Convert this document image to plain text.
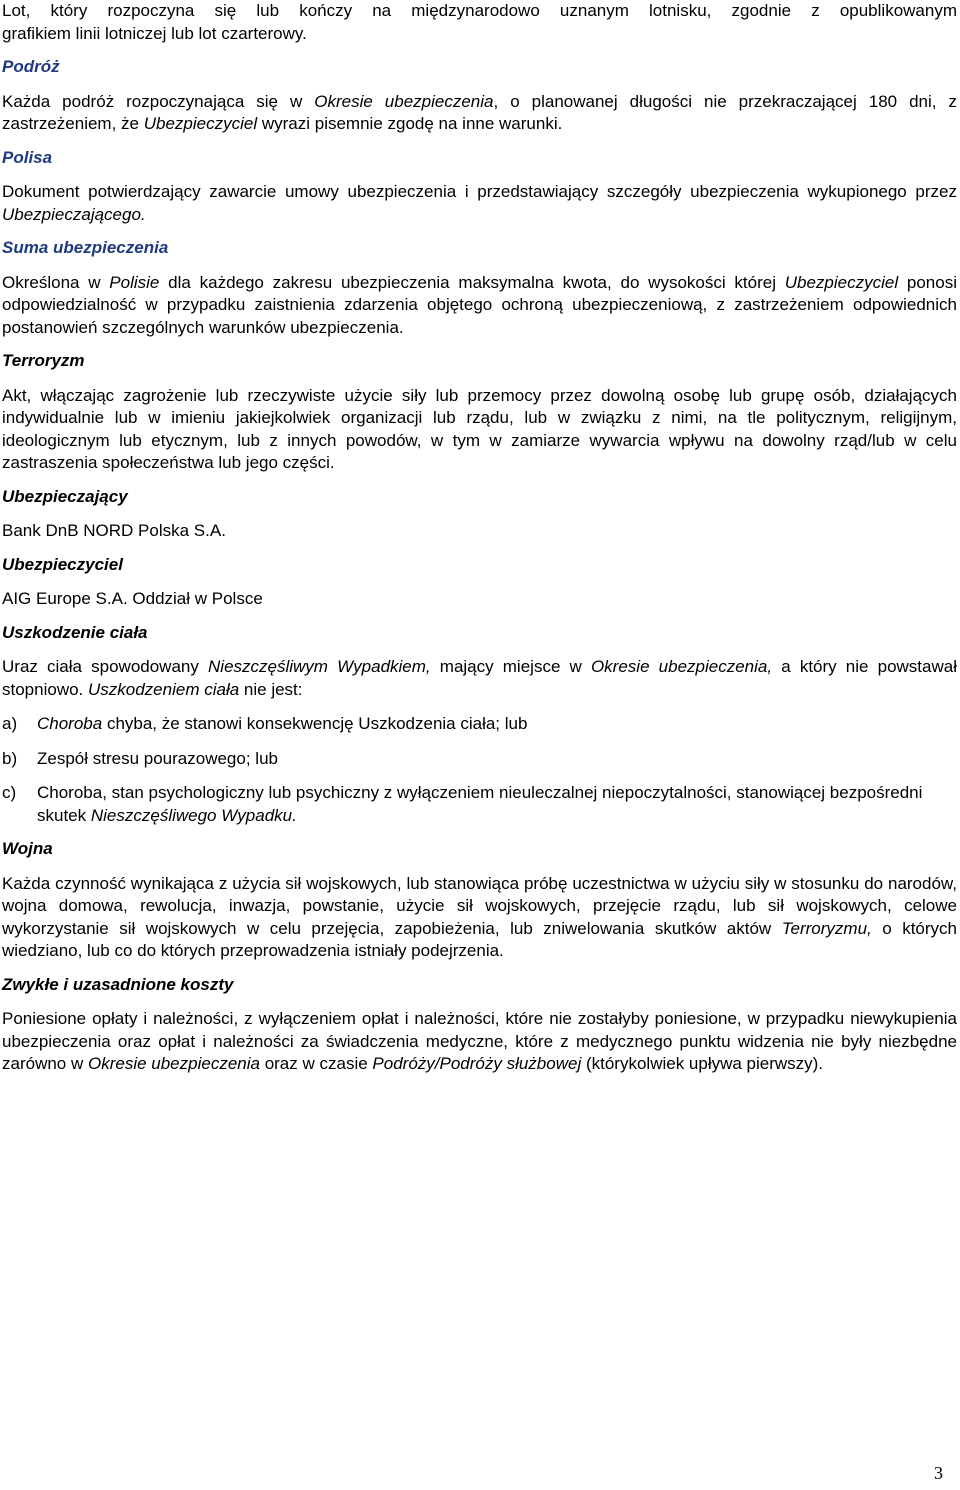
Lot, który rozpoczyna się lub kończy na międzynarodowo uznanym lotnisku, zgodnie z opublikowanym

grafikiem linii lotniczej lub lot czarterowy.

Podróż

Każda podróż rozpoczynająca się w Okresie ubezpieczenia, o planowanej długości nie przekraczającej 180 dni, z zastrzeżeniem, że Ubezpieczyciel wyrazi pisemnie zgodę na inne warunki.

Polisa

Dokument potwierdzający zawarcie umowy ubezpieczenia i przedstawiający szczegóły ubezpieczenia wykupionego przez Ubezpieczającego.

Suma ubezpieczenia

Określona w Polisie dla każdego zakresu ubezpieczenia maksymalna kwota, do wysokości której Ubezpieczyciel ponosi odpowiedzialność w przypadku zaistnienia zdarzenia objętego ochroną ubezpieczeniową, z zastrzeżeniem odpowiednich postanowień szczególnych warunków ubezpieczenia.

Terroryzm

Akt, włączając zagrożenie lub rzeczywiste użycie siły lub przemocy przez dowolną osobę lub grupę osób, działających indywidualnie lub w imieniu jakiejkolwiek organizacji lub rządu, lub w związku z nimi, na tle politycznym, religijnym, ideologicznym lub etycznym, lub z innych powodów, w tym w zamiarze wywarcia wpływu na dowolny rząd/lub w celu zastraszenia społeczeństwa lub jego części.

Ubezpieczający

Bank DnB NORD Polska S.A.

Ubezpieczyciel

AIG Europe S.A. Oddział w Polsce

Uszkodzenie ciała

Uraz ciała spowodowany Nieszczęśliwym Wypadkiem, mający miejsce w Okresie ubezpieczenia, a który nie powstawał stopniowo. Uszkodzeniem ciała nie jest:

a)	Choroba chyba, że stanowi konsekwencję Uszkodzenia ciała; lub
b)	Zespół stresu pourazowego; lub
c)	Choroba, stan psychologiczny lub psychiczny z wyłączeniem nieuleczalnej niepoczytalności, stanowiącej bezpośredni skutek Nieszczęśliwego Wypadku.

Wojna

Każda czynność wynikająca z użycia sił wojskowych, lub stanowiąca próbę uczestnictwa w użyciu siły w stosunku do narodów, wojna domowa, rewolucja, inwazja, powstanie, użycie sił wojskowych, przejęcie rządu, lub sił wojskowych, celowe wykorzystanie sił wojskowych w celu przejęcia, zapobieżenia, lub zniwelowania skutków aktów Terroryzmu, o których wiedziano, lub co do których przeprowadzenia istniały podejrzenia.

Zwykłe i uzasadnione koszty

Poniesione opłaty i należności, z wyłączeniem opłat i należności, które nie zostałyby poniesione, w przypadku niewykupienia ubezpieczenia oraz opłat i należności za świadczenia medyczne, które z medycznego punktu widzenia nie były niezbędne zarówno w Okresie ubezpieczenia oraz w czasie Podróży/Podróży służbowej (którykolwiek upływa pierwszy).

3
